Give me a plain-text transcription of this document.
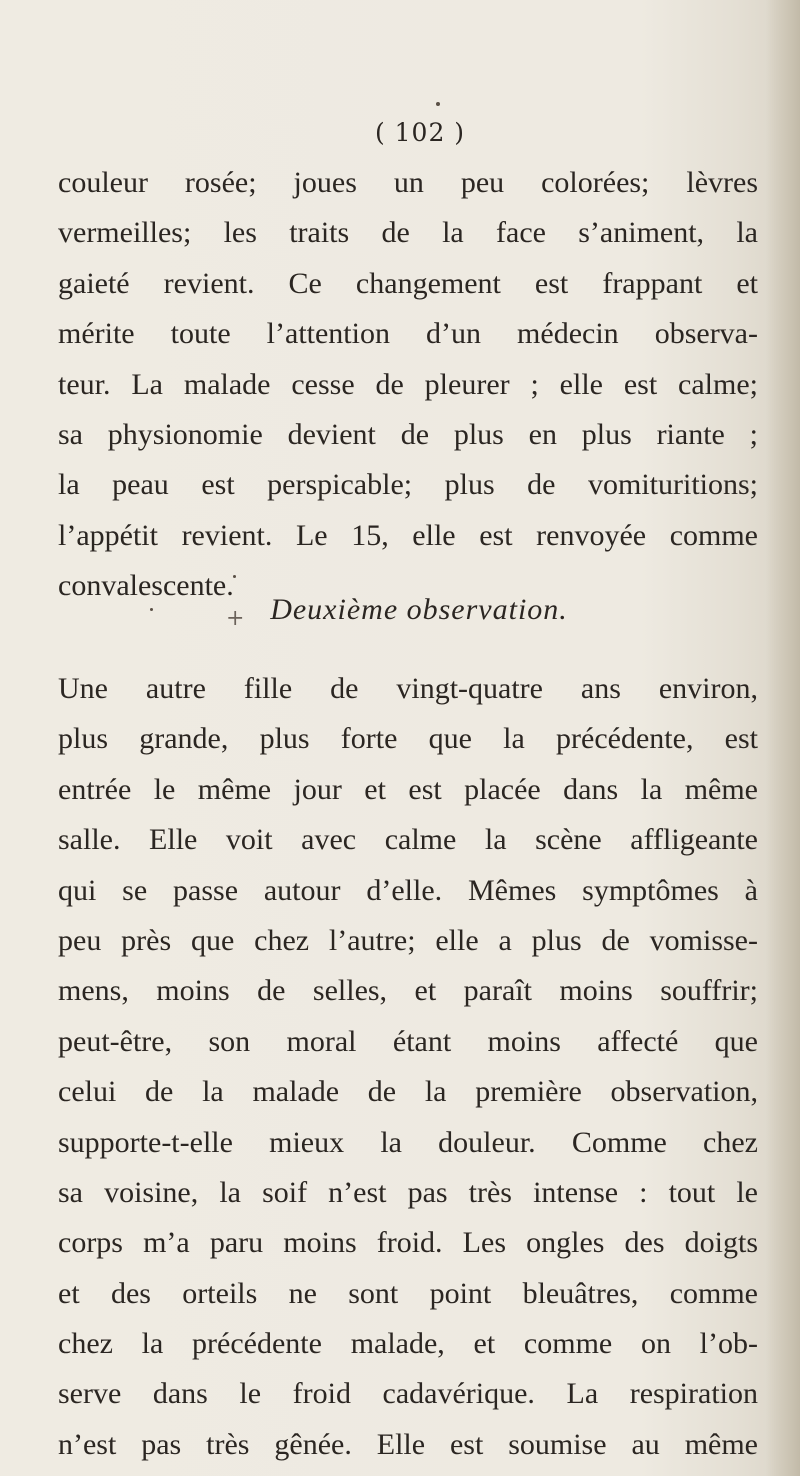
( 102 )
couleur rosée; joues un peu colorées; lèvres
vermeilles; les traits de la face s’animent, la
gaieté revient. Ce changement est frappant et
mérite toute l’attention d’un médecin observa-
teur. La malade cesse de pleurer ; elle est calme;
sa physionomie devient de plus en plus riante ;
la peau est perspicable; plus de vomituritions;
l’appétit revient. Le 15, elle est renvoyée comme
convalescente.
+ Deuxième observation.
Une autre fille de vingt-quatre ans environ,
plus grande, plus forte que la précédente, est
entrée le même jour et est placée dans la même
salle. Elle voit avec calme la scène affligeante
qui se passe autour d’elle. Mêmes symptômes à
peu près que chez l’autre; elle a plus de vomisse-
mens, moins de selles, et paraît moins souffrir;
peut-être, son moral étant moins affecté que
celui de la malade de la première observation,
supporte-t-elle mieux la douleur. Comme chez
sa voisine, la soif n’est pas très intense : tout le
corps m’a paru moins froid. Les ongles des doigts
et des orteils ne sont point bleuâtres, comme
chez la précédente malade, et comme on l’ob-
serve dans le froid cadavérique. La respiration
n’est pas très gênée. Elle est soumise au même
